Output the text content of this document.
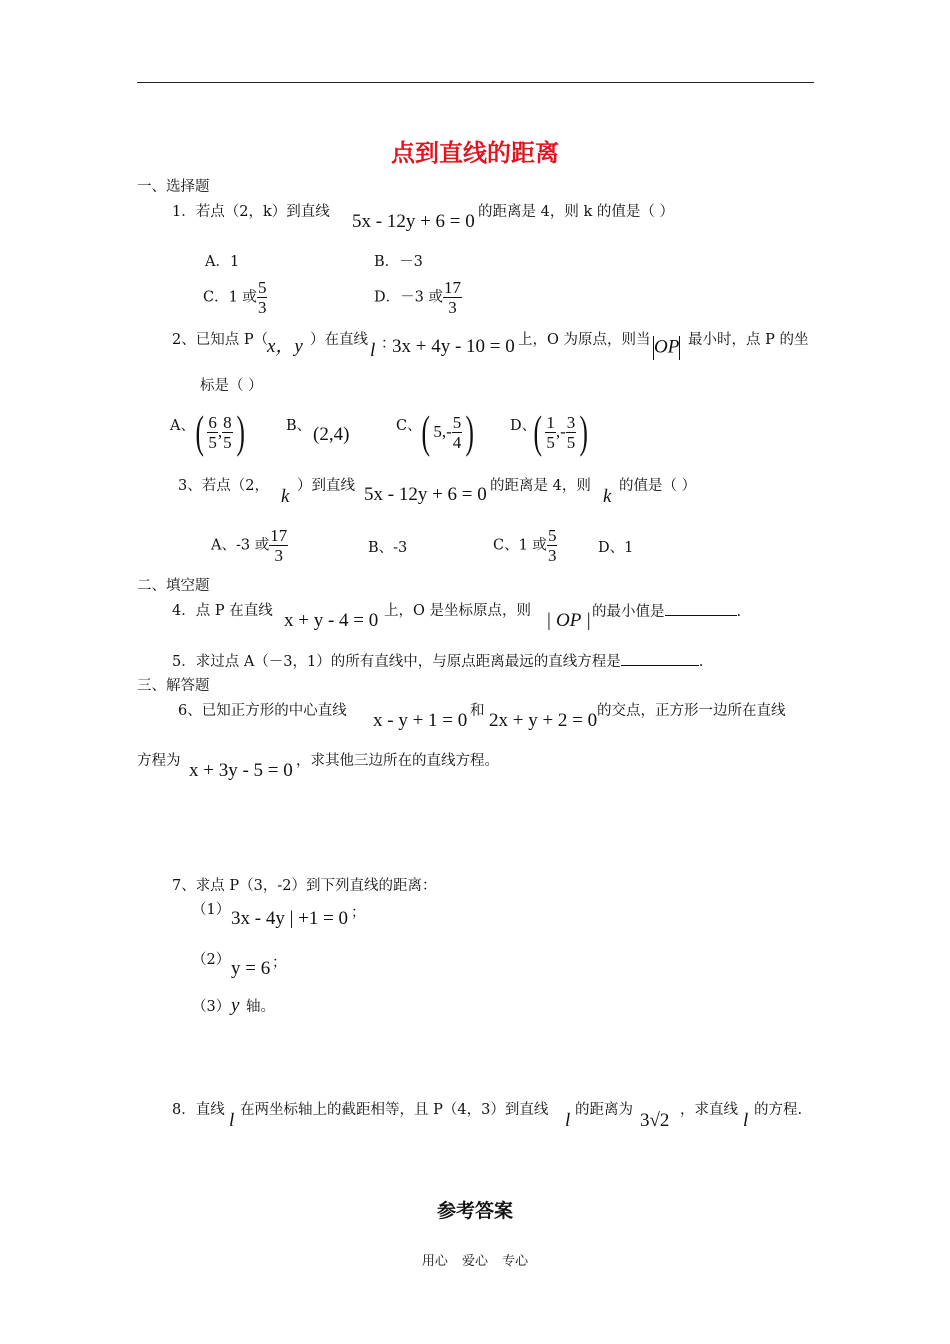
点到直线的距离
一、选择题
1．若点（2，k）到直线 5x - 12y + 6 = 0 的距离是 4，则 k 的值是（ ）
A．1	B．－3
C．1 或 $\frac{5}{3}$	D．－3 或 $\frac{17}{3}$
2、已知点 P（
x，y ）在直线 l ：
3x + 4y - 10 = 0 上，O 为原点，则当 OP 最小时，点 P 的坐
标是（ ）
A、 ( $\frac{6}{5}$ , $\frac{8}{5}$ )	B、 (2,4)	C、 ( $5,- \frac{5}{4}$ ) D、
( $\frac{1}{5}$ ,- $\frac{3}{5}$ )
3、若点（2， k ）到直线 5x - 12y + 6 = 0 的距离是 4，则 k 的值是（ ）
A、-3 或 $\frac{17}{3}$	B、-3	C、1 或 $\frac{5}{3}$	D、1
二、填空题
4．点 P 在直线 x + y - 4 = 0 上，O 是坐标原点，则 | OP | 的最小值是	.
5．求过点 A（－3，1）的所有直线中，与原点距离最远的直线方程是	.
三、解答题
6、已知正方形的中心直线 x - y + 1 = 0 和 2x + y + 2 = 0 的交点，正方形一边所在直线
方程为 x + 3y - 5 = 0 ，求其他三边所在的直线方程。
7、求点 P（3，-2）到下列直线的距离：
（1） 3x - 4y | +1 = 0 ；
（2） y = 6 ；
（3） y 轴。
8．直线 l 在两坐标轴上的截距相等，且 P（4，3）到直线 l 的距离为 3√2 ，求直线 l 的方程.
参考答案
用心 爱心 专心
